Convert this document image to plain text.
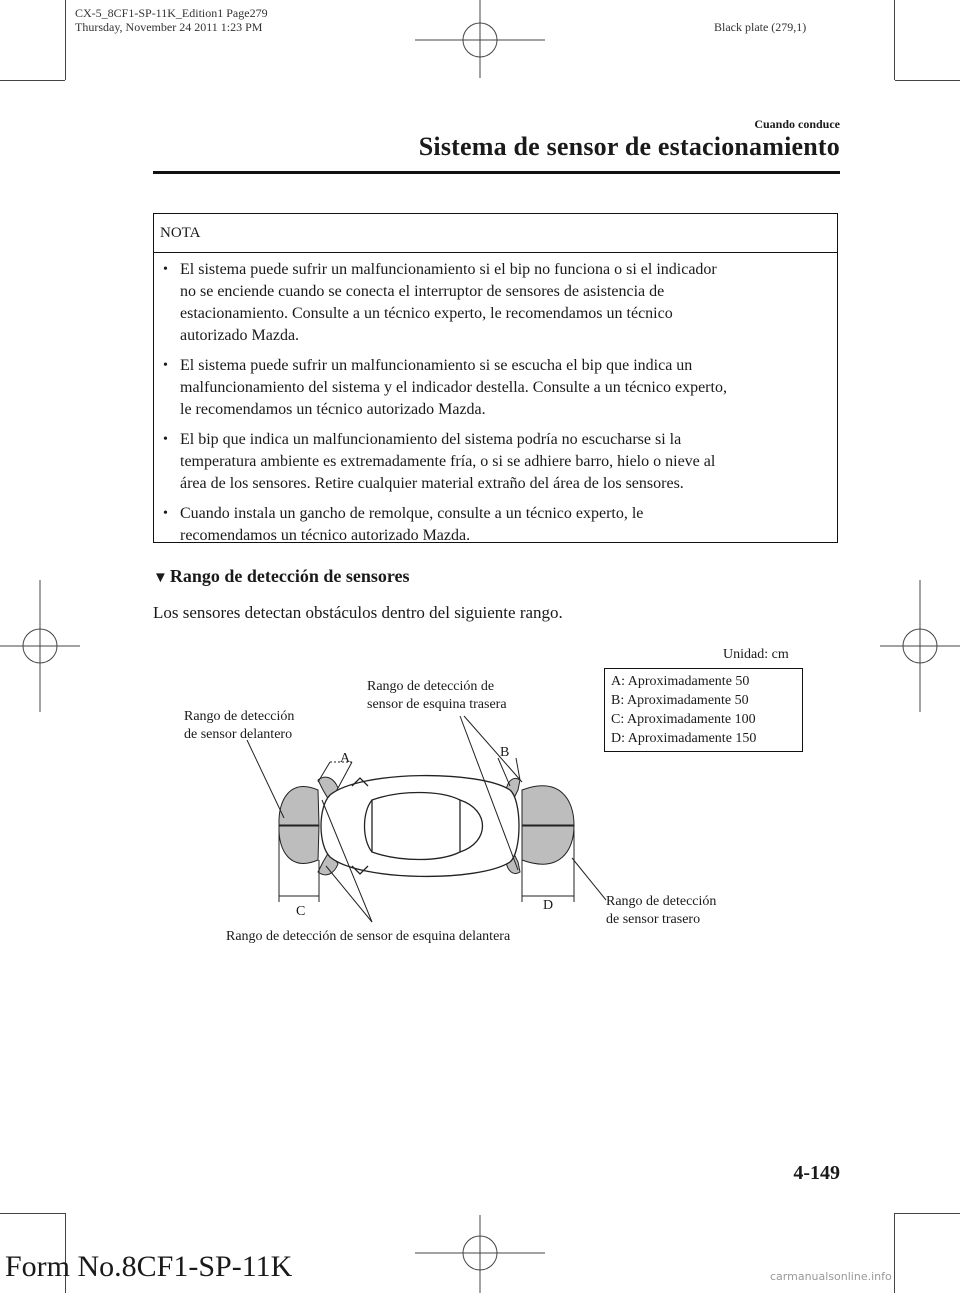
CX-5_8CF1-SP-11K_Edition1 Page279
Thursday, November 24 2011 1:23 PM	Black plate (279,1)
Cuando conduce
Sistema de sensor de estacionamiento
NOTA
• El sistema puede sufrir un malfuncionamiento si el bip no funciona o si el indicador
no se enciende cuando se conecta el interruptor de sensores de asistencia de
estacionamiento. Consulte a un técnico experto, le recomendamos un técnico
autorizado Mazda.
• El sistema puede sufrir un malfuncionamiento si se escucha el bip que indica un
malfuncionamiento del sistema y el indicador destella. Consulte a un técnico experto,
le recomendamos un técnico autorizado Mazda.
• El bip que indica un malfuncionamiento del sistema podría no escucharse si la
temperatura ambiente es extremadamente fría, o si se adhiere barro, hielo o nieve al
área de los sensores. Retire cualquier material extraño del área de los sensores.
• Cuando instala un gancho de remolque, consulte a un técnico experto, le
recomendamos un técnico autorizado Mazda.
▼ Rango de detección de sensores
Los sensores detectan obstáculos dentro del siguiente rango.
Unidad: cm
A: Aproximadamente 50
B: Aproximadamente 50
C: Aproximadamente 100
D: Aproximadamente 150
Rango de detección
de sensor delantero
Rango de detección de
sensor de esquina trasera
Rango de detección
de sensor trasero
Rango de detección de sensor de esquina delantera
A	B
C	D
4-149
Form No.8CF1-SP-11K	carmanualsonline.info
